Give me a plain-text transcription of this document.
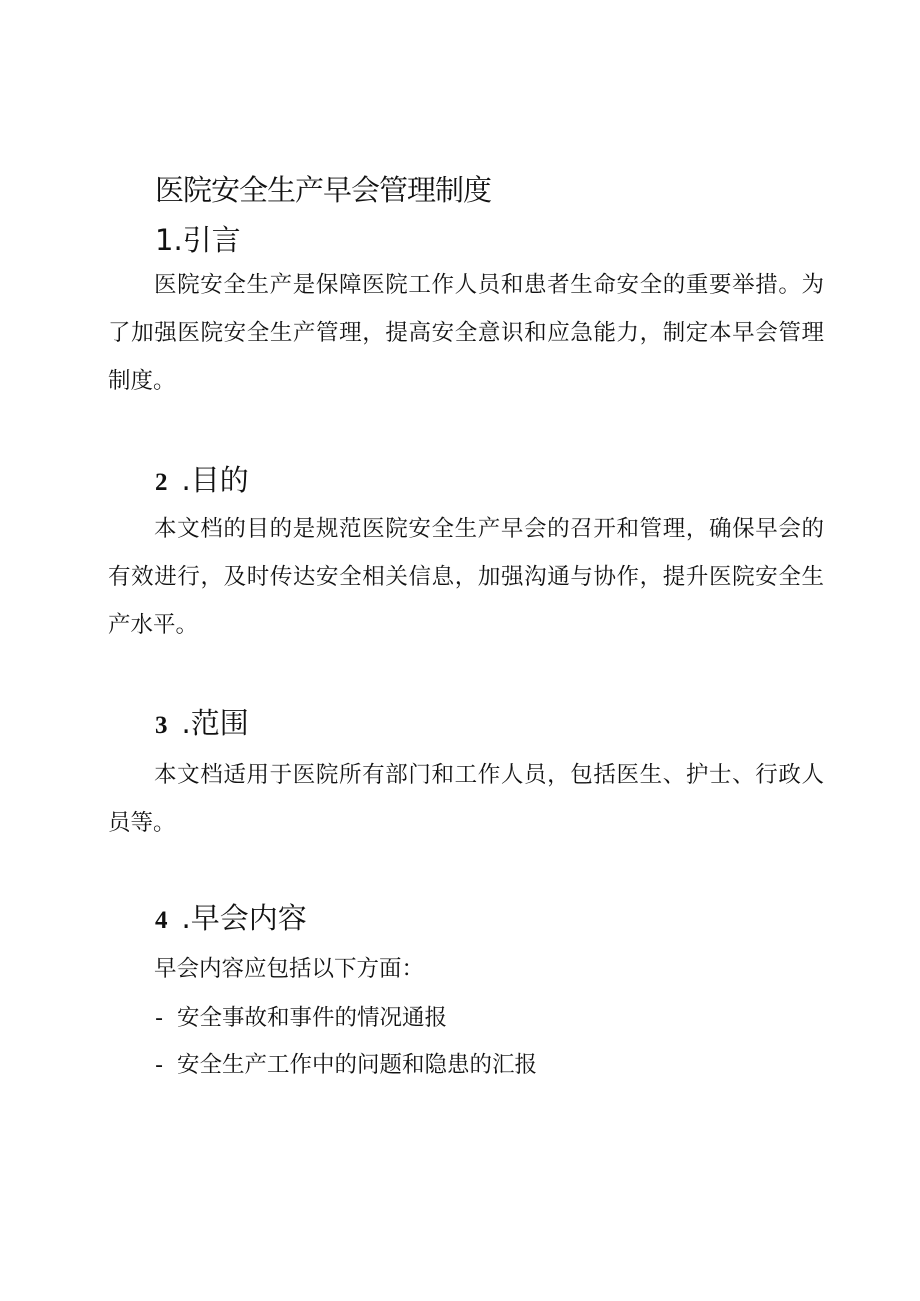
医院安全生产早会管理制度
1.引言
医院安全生产是保障医院工作人员和患者生命安全的重要举措。为了加强医院安全生产管理，提高安全意识和应急能力，制定本早会管理制度。
2 .目的
本文档的目的是规范医院安全生产早会的召开和管理，确保早会的有效进行，及时传达安全相关信息，加强沟通与协作，提升医院安全生产水平。
3 .范围
本文档适用于医院所有部门和工作人员，包括医生、护士、行政人员等。
4 .早会内容
早会内容应包括以下方面：
- 安全事故和事件的情况通报
- 安全生产工作中的问题和隐患的汇报
